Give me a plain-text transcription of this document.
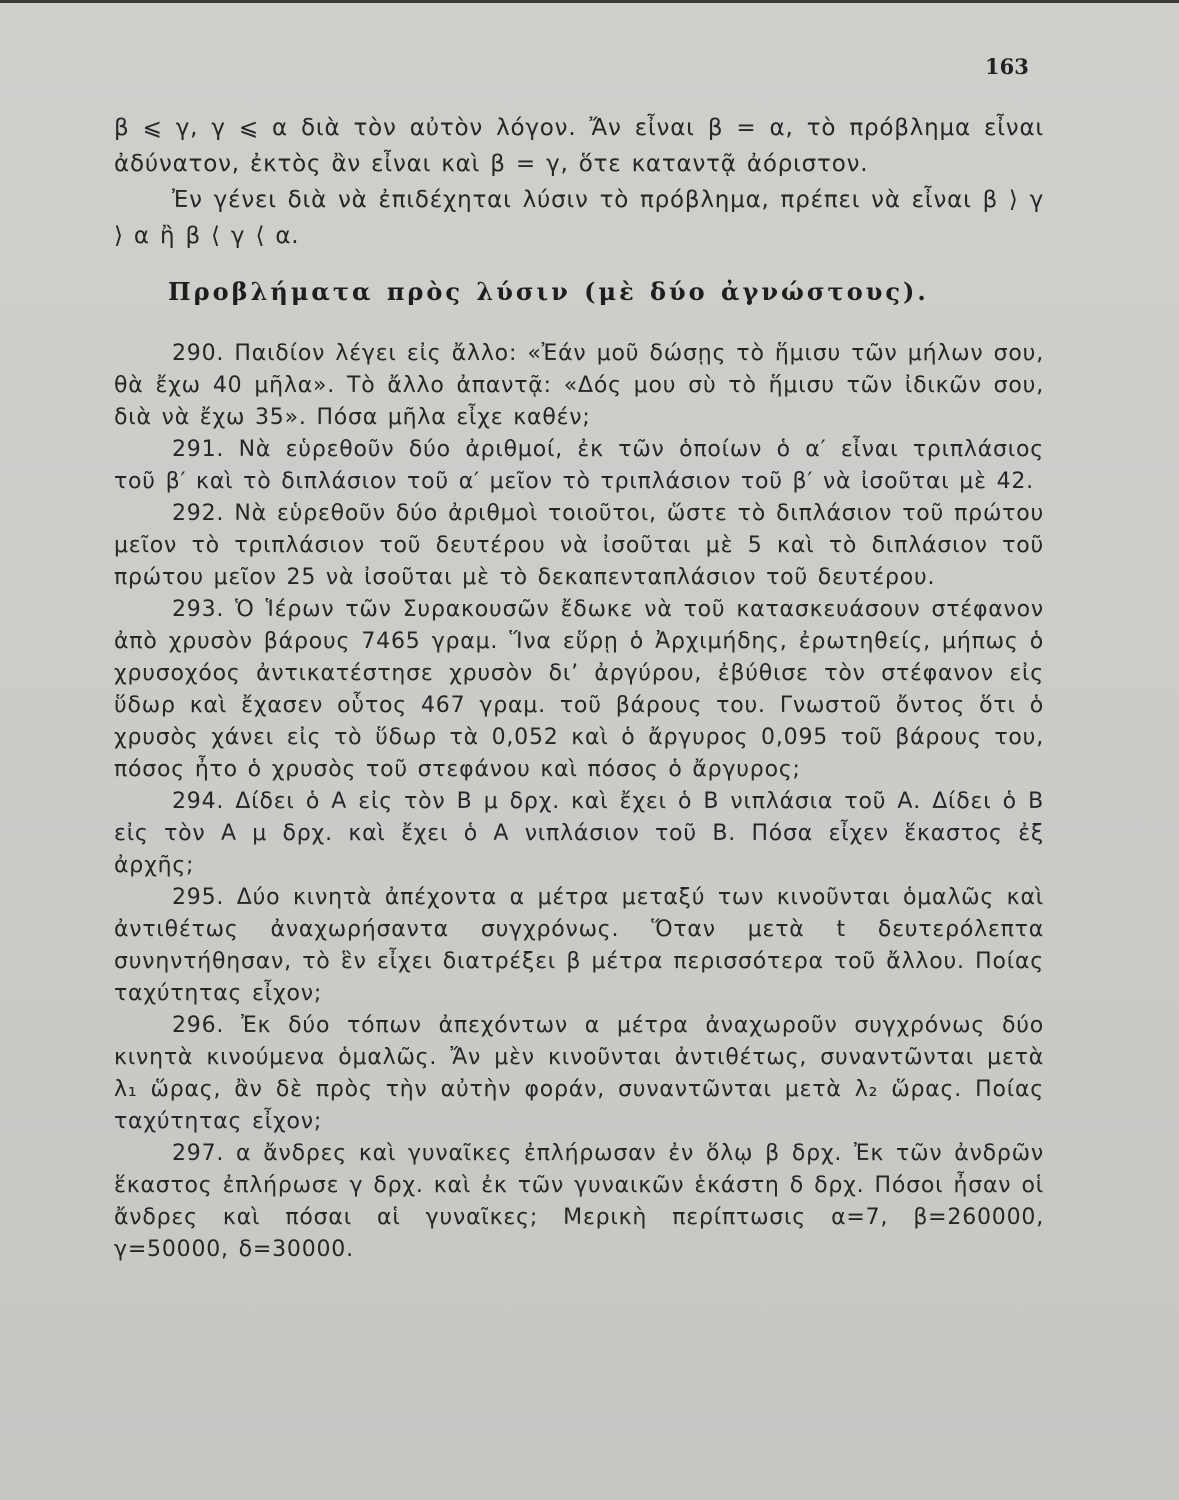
163

β ⩽ γ, γ ⩽ α διὰ τὸν αὐτὸν λόγον. Ἄν εἶναι β = α, τὸ πρόβλημα εἶναι ἀδύνατον, ἐκτὸς ἂν εἶναι καὶ β = γ, ὅτε καταντᾷ ἀόριστον.

Ἐν γένει διὰ νὰ ἐπιδέχηται λύσιν τὸ πρόβλημα, πρέπει νὰ εἶναι β ⟩ γ ⟩ α ἢ β ⟨ γ ⟨ α.

Προβλήματα πρὸς λύσιν (μὲ δύο ἀγνώστους).

290. Παιδίον λέγει εἰς ἄλλο: «Ἐάν μοῦ δώσῃς τὸ ἥμισυ τῶν μήλων σου, θὰ ἔχω 40 μῆλα». Τὸ ἄλλο ἀπαντᾷ: «Δός μου σὺ τὸ ἥμισυ τῶν ἰδικῶν σου, διὰ νὰ ἔχω 35». Πόσα μῆλα εἶχε καθέν;

291. Νὰ εὑρεθοῦν δύο ἀριθμοί, ἐκ τῶν ὁποίων ὁ α′ εἶναι τριπλάσιος τοῦ β′ καὶ τὸ διπλάσιον τοῦ α′ μεῖον τὸ τριπλάσιον τοῦ β′ νὰ ἰσοῦται μὲ 42.

292. Νὰ εὑρεθοῦν δύο ἀριθμοὶ τοιοῦτοι, ὥστε τὸ διπλάσιον τοῦ πρώτου μεῖον τὸ τριπλάσιον τοῦ δευτέρου νὰ ἰσοῦται μὲ 5 καὶ τὸ διπλάσιον τοῦ πρώτου μεῖον 25 νὰ ἰσοῦται μὲ τὸ δεκαπενταπλάσιον τοῦ δευτέρου.

293. Ὁ Ἱέρων τῶν Συρακουσῶν ἔδωκε νὰ τοῦ κατασκευάσουν στέφανον ἀπὸ χρυσὸν βάρους 7465 γραμ. Ἵνα εὕρῃ ὁ Ἀρχιμήδης, ἐρωτηθείς, μήπως ὁ χρυσοχόος ἀντικατέστησε χρυσὸν δι’ ἀργύρου, ἐβύθισε τὸν στέφανον εἰς ὕδωρ καὶ ἔχασεν οὗτος 467 γραμ. τοῦ βάρους του. Γνωστοῦ ὄντος ὅτι ὁ χρυσὸς χάνει εἰς τὸ ὕδωρ τὰ 0,052 καὶ ὁ ἄργυρος 0,095 τοῦ βάρους του, πόσος ἦτο ὁ χρυσὸς τοῦ στεφάνου καὶ πόσος ὁ ἄργυρος;

294. Δίδει ὁ Α εἰς τὸν Β μ δρχ. καὶ ἔχει ὁ Β νιπλάσια τοῦ Α. Δίδει ὁ Β εἰς τὸν Α μ δρχ. καὶ ἔχει ὁ Α νιπλάσιον τοῦ Β. Πόσα εἶχεν ἕκαστος ἐξ ἀρχῆς;

295. Δύο κινητὰ ἀπέχοντα α μέτρα μεταξύ των κινοῦνται ὁμαλῶς καὶ ἀντιθέτως ἀναχωρήσαντα συγχρόνως. Ὅταν μετὰ t δευτερόλεπτα συνηντήθησαν, τὸ ἓν εἶχει διατρέξει β μέτρα περισσότερα τοῦ ἄλλου. Ποίας ταχύτητας εἶχον;

296. Ἐκ δύο τόπων ἀπεχόντων α μέτρα ἀναχωροῦν συγχρόνως δύο κινητὰ κινούμενα ὁμαλῶς. Ἄν μὲν κινοῦνται ἀντιθέτως, συναντῶνται μετὰ λ₁ ὥρας, ἂν δὲ πρὸς τὴν αὐτὴν φοράν, συναντῶνται μετὰ λ₂ ὥρας. Ποίας ταχύτητας εἶχον;

297. α ἄνδρες καὶ γυναῖκες ἐπλήρωσαν ἐν ὅλῳ β δρχ. Ἐκ τῶν ἀνδρῶν ἕκαστος ἐπλήρωσε γ δρχ. καὶ ἐκ τῶν γυναικῶν ἑκάστη δ δρχ. Πόσοι ἦσαν οἱ ἄνδρες καὶ πόσαι αἱ γυναῖκες; Μερικὴ περίπτωσις α=7, β=260000, γ=50000, δ=30000.
